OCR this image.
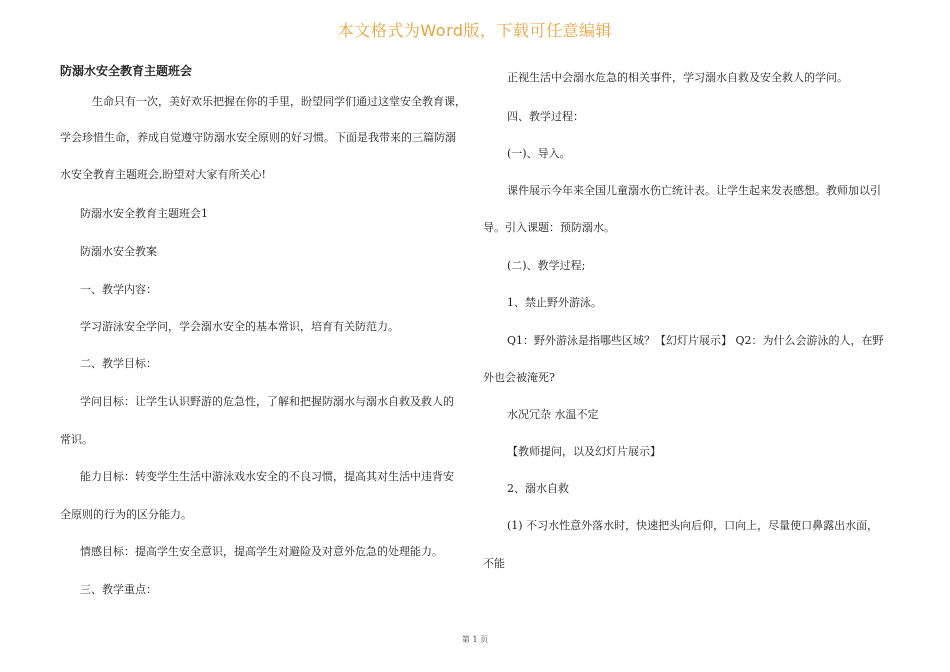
本文格式为Word版，下载可任意编辑

防溺水安全教育主题班会

生命只有一次，美好欢乐把握在你的手里，盼望同学们通过这堂安全教育课，

学会珍惜生命，养成自觉遵守防溺水安全原则的好习惯。下面是我带来的三篇防溺

水安全教育主题班会,盼望对大家有所关心!

防溺水安全教育主题班会1

防溺水安全教案

一、教学内容：

学习游泳安全学问，学会溺水安全的基本常识，培育有关防范力。

二、教学目标：

学问目标：让学生认识野游的危急性，了解和把握防溺水与溺水自救及救人的

常识。

能力目标：转变学生生活中游泳戏水安全的不良习惯，提高其对生活中违背安

全原则的行为的区分能力。

情感目标：提高学生安全意识，提高学生对避险及对意外危急的处理能力。

三、教学重点：

正视生活中会溺水危急的相关事件，学习溺水自救及安全救人的学问。

四、教学过程：

(一)、导入。

课件展示今年来全国儿童溺水伤亡统计表。让学生起来发表感想。教师加以引

导。引入课题：预防溺水。

(二)、教学过程;

1、禁止野外游泳。

Q1：野外游泳是指哪些区域？【幻灯片展示】 Q2：为什么会游泳的人，在野

外也会被淹死?

水况冗杂 水温不定

【教师提问，以及幻灯片展示】

2、溺水自救

(1) 不习水性意外落水时，快速把头向后仰，口向上，尽量使口鼻露出水面，

不能

第 1 页
